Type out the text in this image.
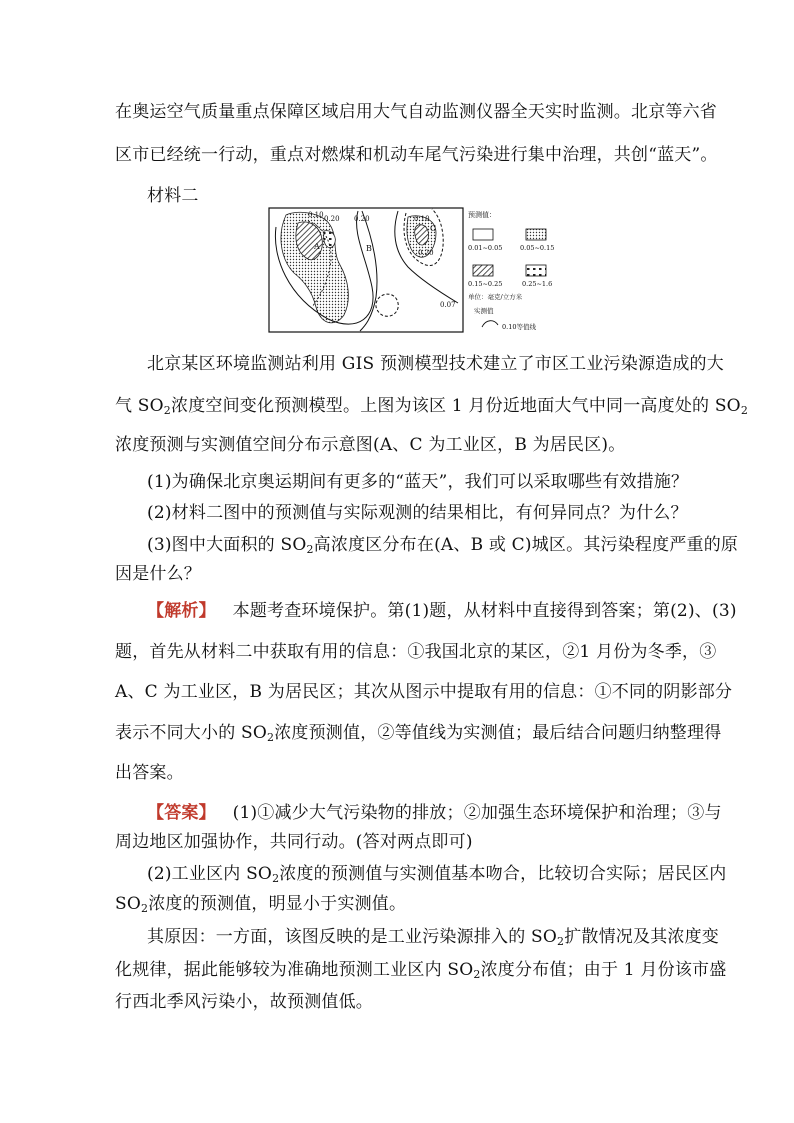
在奥运空气质量重点保障区域启用大气自动监测仪器全天实时监测。北京等六省
区市已经统一行动，重点对燃煤和机动车尾气污染进行集中治理，共创“蓝天”。
材料二
0.10 0.20 0.20	0.10
0.20
0.07
A	B
C
预测值：
0.01~0.05	0.05~0.15
0.15~0.25	0.25~1.6
单位：毫克/立方米
实测值
0.10等值线
北京某区环境监测站利用 GIS 预测模型技术建立了市区工业污染源造成的大
气 $SO_2$浓度空间变化预测模型。上图为该区 1 月份近地面大气中同一高度处的 $SO_2$
浓度预测与实测值空间分布示意图(A、C 为工业区，B 为居民区)。
(1)为确保北京奥运期间有更多的“蓝天”，我们可以采取哪些有效措施？
(2)材料二图中的预测值与实际观测的结果相比，有何异同点？为什么？
(3)图中大面积的 $SO_2$高浓度区分布在(A、B 或 C)城区。其污染程度严重的原
因是什么？
【解析】 本题考查环境保护。第(1)题，从材料中直接得到答案；第(2)、(3)
题，首先从材料二中获取有用的信息：①我国北京的某区，②1 月份为冬季，③
A、C 为工业区，B 为居民区；其次从图示中提取有用的信息：①不同的阴影部分
表示不同大小的 $SO_2$浓度预测值，②等值线为实测值；最后结合问题归纳整理得
出答案。
【答案】 (1)①减少大气污染物的排放；②加强生态环境保护和治理；③与
周边地区加强协作，共同行动。(答对两点即可)
(2)工业区内 $SO_2$浓度的预测值与实测值基本吻合，比较切合实际；居民区内
$SO_2$浓度的预测值，明显小于实测值。
其原因：一方面，该图反映的是工业污染源排入的 $SO_2$扩散情况及其浓度变
化规律，据此能够较为准确地预测工业区内 $SO_2$浓度分布值；由于 1 月份该市盛
行西北季风污染小，故预测值低。
